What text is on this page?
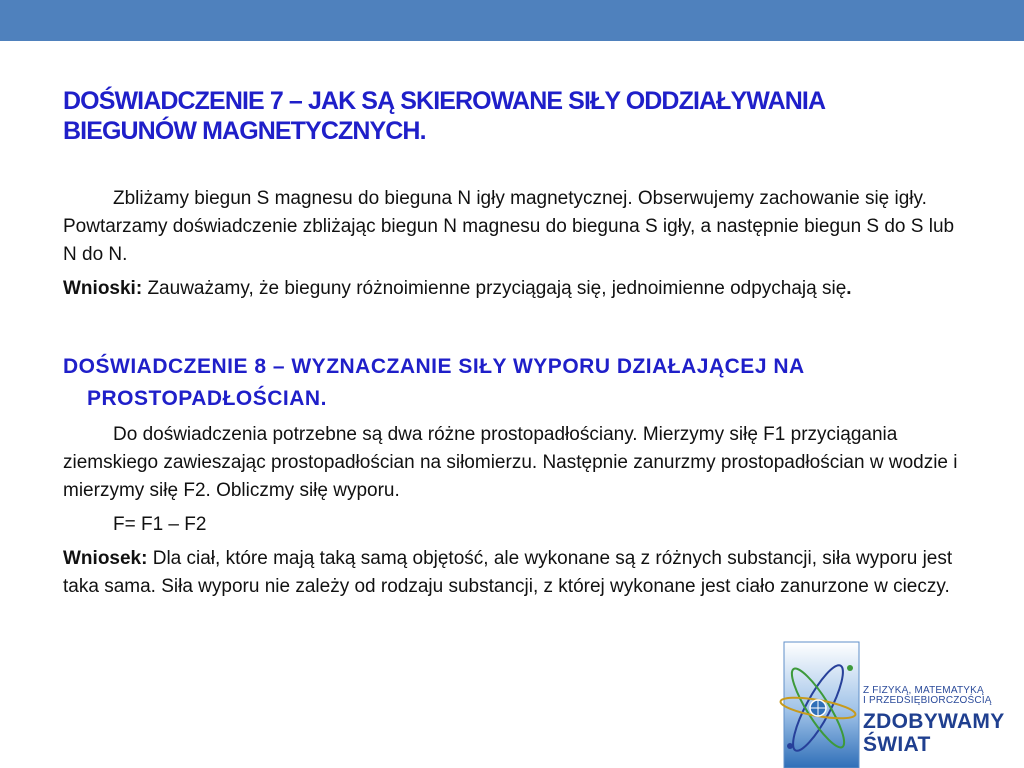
DOŚWIADCZENIE 7 – JAK SĄ SKIEROWANE SIŁY ODDZIAŁYWANIA BIEGUNÓW MAGNETYCZNYCH.

Zbliżamy biegun S magnesu do bieguna N igły magnetycznej. Obserwujemy zachowanie się igły. Powtarzamy doświadczenie zbliżając biegun N magnesu do bieguna S igły, a następnie biegun S do S lub N do N.

Wnioski: Zauważamy, że bieguny różnoimienne przyciągają się, jednoimienne odpychają się.

DOŚWIADCZENIE 8 – WYZNACZANIE SIŁY WYPORU DZIAŁAJĄCEJ NA PROSTOPADŁOŚCIAN.

Do doświadczenia potrzebne są dwa różne prostopadłościany. Mierzymy siłę F1 przyciągania ziemskiego zawieszając prostopadłościan na siłomierzu. Następnie zanurzmy prostopadłościan w wodzie i mierzymy siłę F2. Obliczmy siłę wyporu.

F= F1 – F2

Wniosek: Dla ciał, które mają taką samą objętość, ale wykonane są z różnych substancji, siła wyporu jest taka sama. Siła wyporu nie zależy od rodzaju substancji, z której wykonane jest ciało zanurzone w cieczy.

Z FIZYKĄ, MATEMATYKĄ
I PRZEDSIĘBIORCZOŚCIĄ
ZDOBYWAMY
ŚWIAT
